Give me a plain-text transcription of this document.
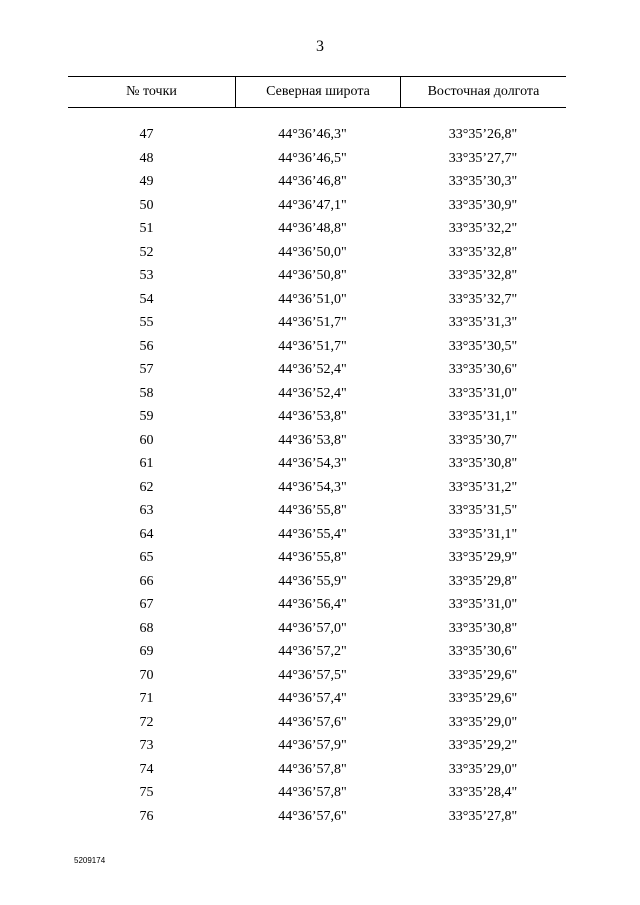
3
№ точки	Северная широта	Восточная долгота
47	44°36’46,3"	33°35’26,8"
48	44°36’46,5"	33°35’27,7"
49	44°36’46,8"	33°35’30,3"
50	44°36’47,1"	33°35’30,9"
51	44°36’48,8"	33°35’32,2"
52	44°36’50,0"	33°35’32,8"
53	44°36’50,8"	33°35’32,8"
54	44°36’51,0"	33°35’32,7"
55	44°36’51,7"	33°35’31,3"
56	44°36’51,7"	33°35’30,5"
57	44°36’52,4"	33°35’30,6"
58	44°36’52,4"	33°35’31,0"
59	44°36’53,8"	33°35’31,1"
60	44°36’53,8"	33°35’30,7"
61	44°36’54,3"	33°35’30,8"
62	44°36’54,3"	33°35’31,2"
63	44°36’55,8"	33°35’31,5"
64	44°36’55,4"	33°35’31,1"
65	44°36’55,8"	33°35’29,9"
66	44°36’55,9"	33°35’29,8"
67	44°36’56,4"	33°35’31,0"
68	44°36’57,0"	33°35’30,8"
69	44°36’57,2"	33°35’30,6"
70	44°36’57,5"	33°35’29,6"
71	44°36’57,4"	33°35’29,6"
72	44°36’57,6"	33°35’29,0"
73	44°36’57,9"	33°35’29,2"
74	44°36’57,8"	33°35’29,0"
75	44°36’57,8"	33°35’28,4"
76	44°36’57,6"	33°35’27,8"
5209174
